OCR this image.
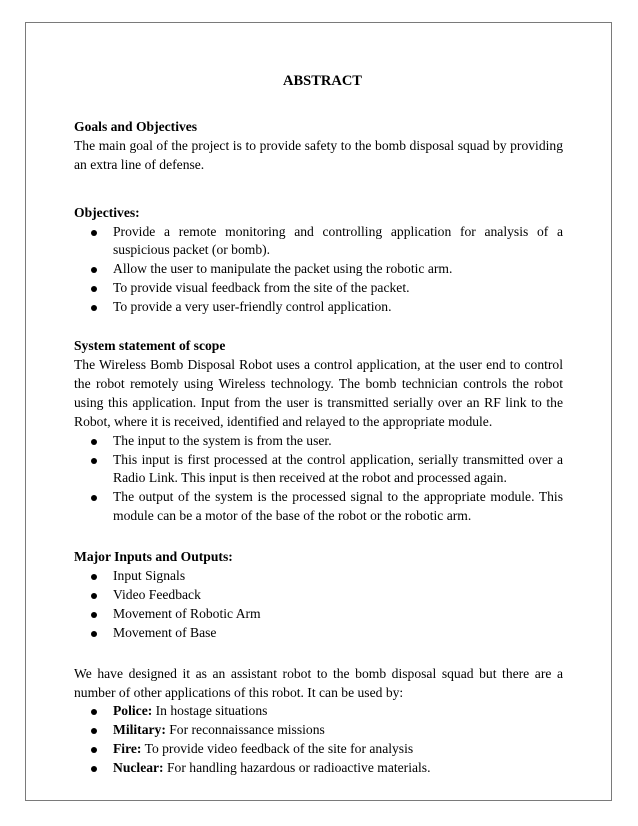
ABSTRACT

Goals and Objectives

The main goal of the project is to provide safety to the bomb disposal squad by providing an extra line of defense.

Objectives:

Provide a remote monitoring and controlling application for analysis of a suspicious packet (or bomb).
Allow the user to manipulate the packet using the robotic arm.
To provide visual feedback from the site of the packet.
To provide a very user-friendly control application.

System statement of scope

The Wireless Bomb Disposal Robot uses a control application, at the user end to control the robot remotely using Wireless technology. The bomb technician controls the robot using this application. Input from the user is transmitted serially over an RF link to the Robot, where it is received, identified and relayed to the appropriate module.

The input to the system is from the user.
This input is first processed at the control application, serially transmitted over a Radio Link. This input is then received at the robot and processed again.
The output of the system is the processed signal to the appropriate module. This module can be a motor of the base of the robot or the robotic arm.

Major Inputs and Outputs:

Input Signals
Video Feedback
Movement of Robotic Arm
Movement of Base

We have designed it as an assistant robot to the bomb disposal squad but there are a number of other applications of this robot. It can be used by:

Police: In hostage situations
Military: For reconnaissance missions
Fire: To provide video feedback of the site for analysis
Nuclear: For handling hazardous or radioactive materials.
